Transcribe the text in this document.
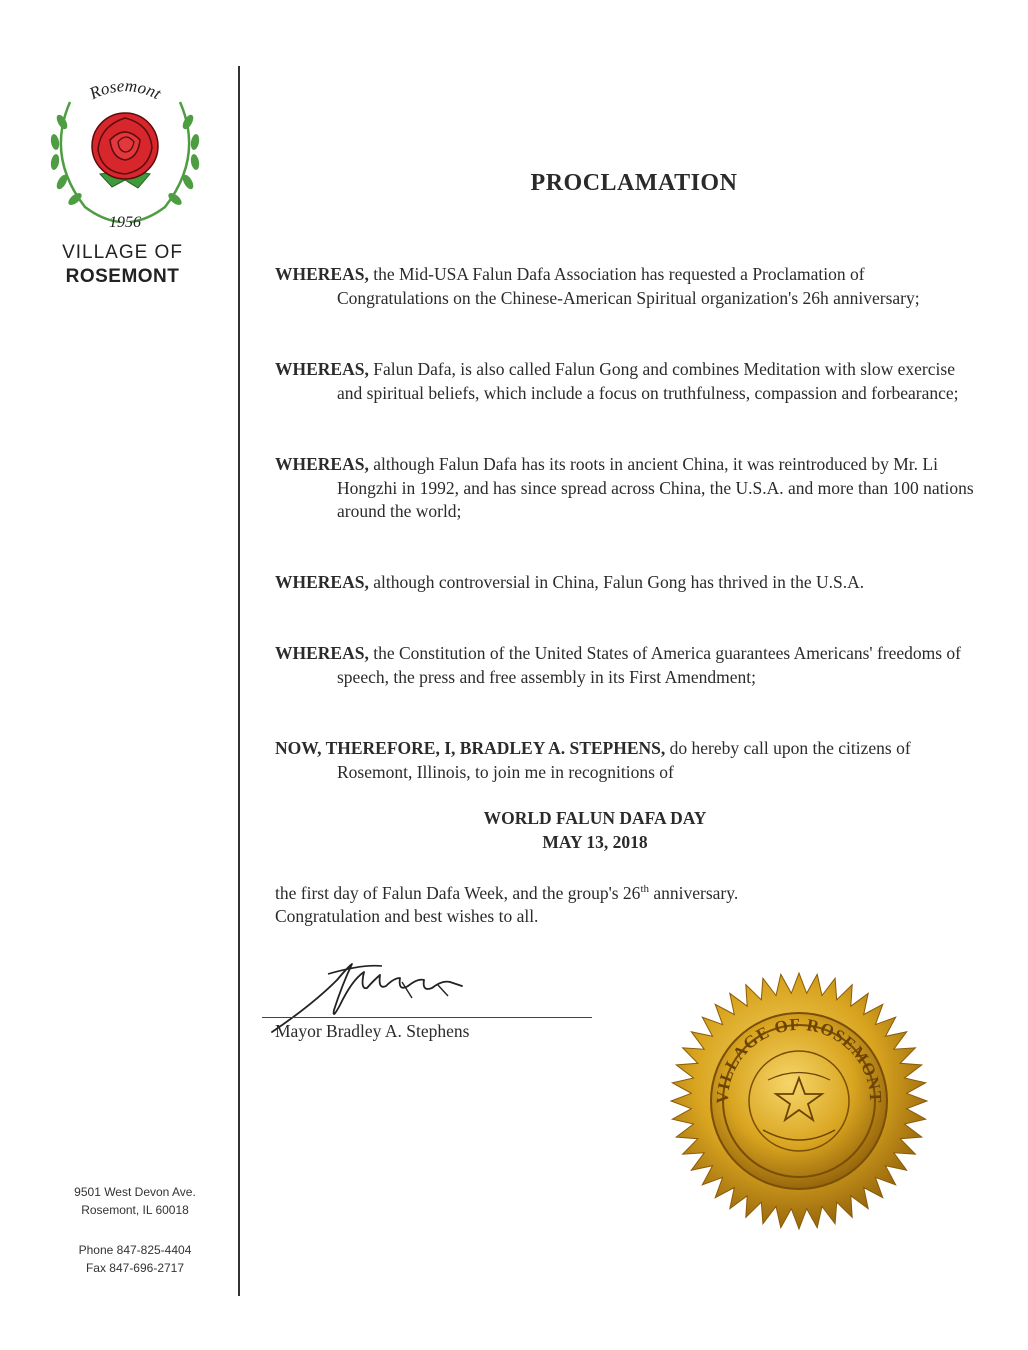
Rosemont
1956
VILLAGE OF
ROSEMONT
9501 West Devon Ave.
Rosemont, IL 60018
Phone 847-825-4404
Fax 847-696-2717
PROCLAMATION

WHEREAS, the Mid-USA Falun Dafa Association has requested a Proclamation of Congratulations on the Chinese-American Spiritual organization's 26h anniversary;

WHEREAS, Falun Dafa, is also called Falun Gong and combines Meditation with slow exercise and spiritual beliefs, which include a focus on truthfulness, compassion and forbearance;

WHEREAS, although Falun Dafa has its roots in ancient China, it was reintroduced by Mr. Li Hongzhi in 1992, and has since spread across China, the U.S.A. and more than 100 nations around the world;

WHEREAS, although controversial in China, Falun Gong has thrived in the U.S.A.

WHEREAS, the Constitution of the United States of America guarantees Americans' freedoms of speech, the press and free assembly in its First Amendment;

NOW, THEREFORE, I, BRADLEY A. STEPHENS, do hereby call upon the citizens of Rosemont, Illinois, to join me in recognitions of

WORLD FALUN DAFA DAY
MAY 13, 2018

the first day of Falun Dafa Week, and the group's 26th anniversary.
Congratulation and best wishes to all.

Mayor Bradley A. Stephens
VILLAGE OF ROSEMONT
